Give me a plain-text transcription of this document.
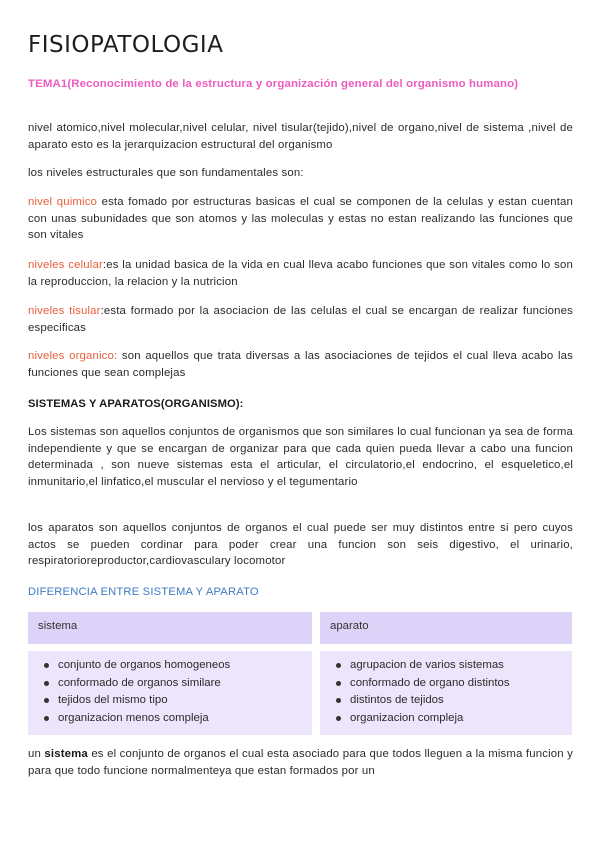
FISIOPATOLOGIA
TEMA1(Reconocimiento de la estructura y organización general del organismo humano)
nivel atomico,nivel molecular,nivel celular, nivel tisular(tejido),nivel de organo,nivel de sistema ,nivel de aparato esto es la jerarquizacion estructural del organismo
los niveles estructurales que son fundamentales son:
nivel quimico esta fomado por estructuras basicas el cual se componen de la celulas y estan cuentan con unas subunidades que son atomos y las moleculas y estas no estan realizando las funciones que son vitales
niveles celular:es la unidad basica de la vida en cual lleva acabo funciones que son vitales como lo son la reproduccion, la relacion y la nutricion
niveles tisular:esta formado por la asociacion de las celulas el cual se encargan de realizar funciones especificas
niveles organico: son aquellos que trata diversas a las asociaciones de tejidos el cual lleva acabo las funciones que sean complejas
SISTEMAS Y APARATOS(ORGANISMO):
Los sistemas son aquellos conjuntos de organismos que son similares lo cual funcionan ya sea de forma independiente y que se encargan de organizar para que cada quien pueda llevar a cabo una funcion determinada , son nueve sistemas esta el articular, el circulatorio,el endocrino, el esqueletico,el inmunitario,el linfatico,el muscular el nervioso y el tegumentario
los aparatos son aquellos conjuntos de organos el cual puede ser muy distintos entre si pero cuyos actos se pueden cordinar para poder crear una funcion son seis digestivo, el urinario, respiratorioreproductor,cardiovasculary locomotor
DIFERENCIA ENTRE SISTEMA Y APARATO
sistema	aparato
conjunto de organos homogeneos
conformado de organos similare
tejidos del mismo tipo
organizacion menos compleja
agrupacion de varios sistemas
conformado de organo distintos
distintos de tejidos
organizacion compleja
un sistema es el conjunto de organos el cual esta asociado para que todos lleguen a la misma funcion y para que todo funcione normalmenteya que estan formados por un
